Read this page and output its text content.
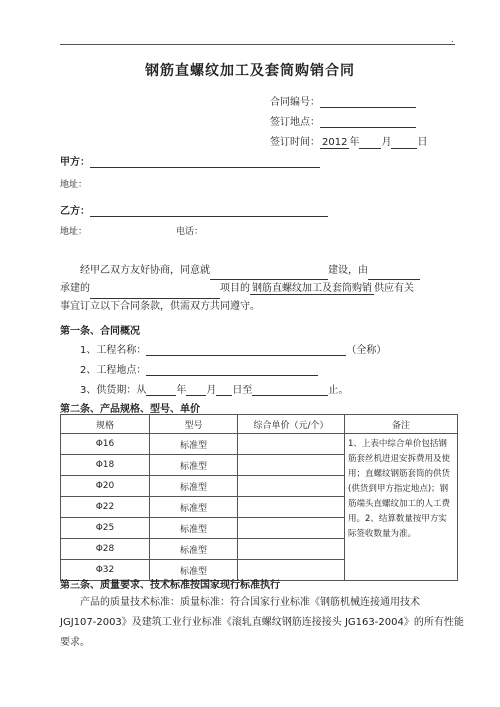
.
钢筋直螺纹加工及套筒购销合同
合同编号：
签订地点：
签订时间： 2012 年 月	日
甲方：
地址：
乙方：
地址：	电话：
经甲乙双方友好协商，同意就	建设，由
承建的	项目的 钢筋直螺纹加工及套筒购销 供应有关
事宜订立以下合同条款，供需双方共同遵守。
第一条、合同概况
1、工程名称：	（全称）
2、工程地点：
3、供货期：从	年 月 日至	止。
第二条、产品规格、型号、单价
规格	型号	综合单价（元/个）	备注
Φ16	标准型		1、上表中综合单价包括钢筋套丝机进退安拆费用及使用；直螺纹钢筋套筒的供货(供货到甲方指定地点)；钢筋端头直螺纹加工的人工费用。2、结算数量按甲方实际签收数量为准。
Φ18	标准型		
Φ20	标准型		
Φ22	标准型		
Φ25	标准型		
Φ28	标准型		
Φ32	标准型		
第三条、质量要求、技术标准按国家现行标准执行
产品的质量技术标准：质量标准：符合国家行业标准《钢筋机械连接通用技术
JGJ107-2003》及建筑工业行业标准《滚轧直螺纹钢筋连接接头 JG163-2004》的所有性能
要求。
